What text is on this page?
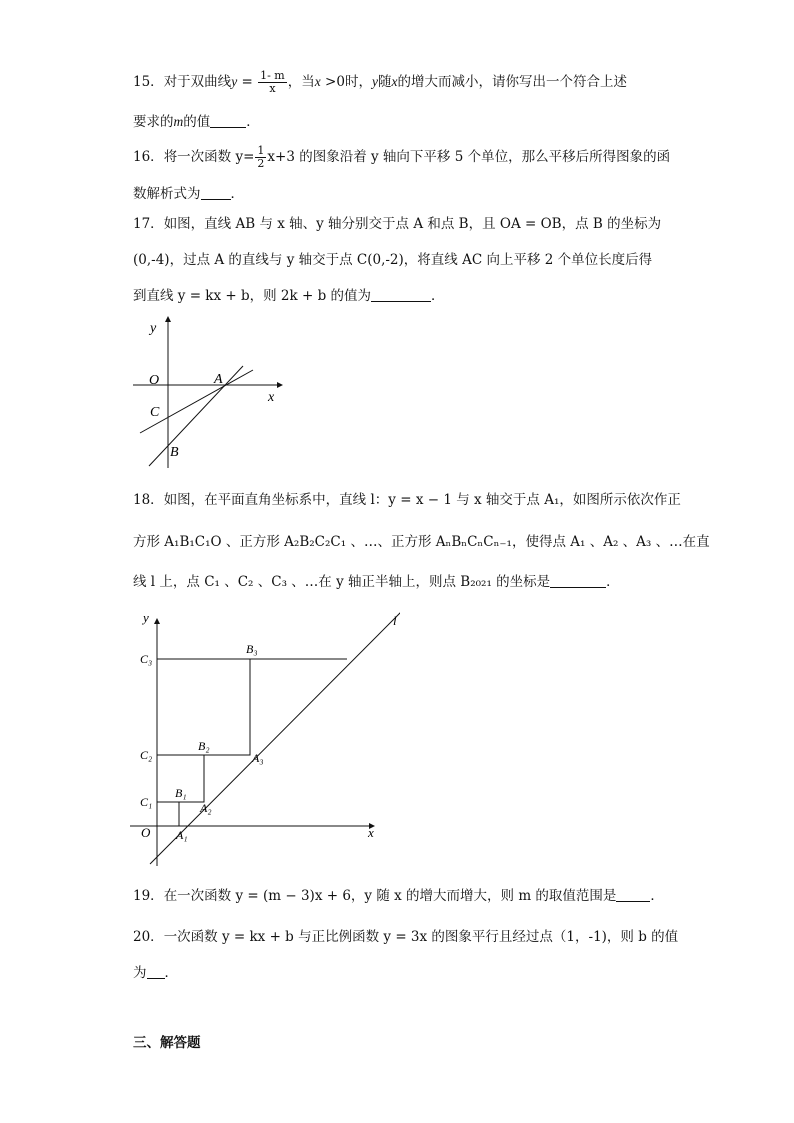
15．对于双曲线$y = \frac{1- m}{x}$ ，当x >0时，y随x的增大而减小，请你写出一个符合上述
要求的m的值	．
16．将一次函数 $y= \frac{1}{2} x+3$ 的图象沿着 y 轴向下平移 5 个单位，那么平移后所得图象的函
数解析式为 ．
17．如图，直线 AB 与 x 轴、y 轴分别交于点 A 和点 B，且 OA = OB，点 B 的坐标为
(0,-4)，过点 A 的直线与 y 轴交于点 C(0,-2)，将直线 AC 向上平移 2 个单位长度后得
到直线 y = kx + b，则 2k + b 的值为	．
y
x
O	A
C
B
18．如图，在平面直角坐标系中，直线 l：y = x − 1 与 x 轴交于点 A₁，如图所示依次作正
方形 A₁B₁C₁O 、正方形 A₂B₂C₂C₁ 、…、正方形 AₙBₙCₙCₙ₋₁，使得点 A₁ 、A₂ 、A₃ 、…在直
线 l 上，点 C₁ 、C₂ 、C₃ 、…在 y 轴正半轴上，则点 B₂₀₂₁ 的坐标是	．
y
x
O
l
C₃
C₂
C₁
B₃
B₂
B₁
A₃
A₂
A₁
19．在一次函数 y = (m − 3)x + 6，y 随 x 的增大而增大，则 m 的取值范围是	．
20．一次函数 y = kx + b 与正比例函数 y = 3x 的图象平行且经过点（1，-1)，则 b 的值
为 ．
三、解答题
